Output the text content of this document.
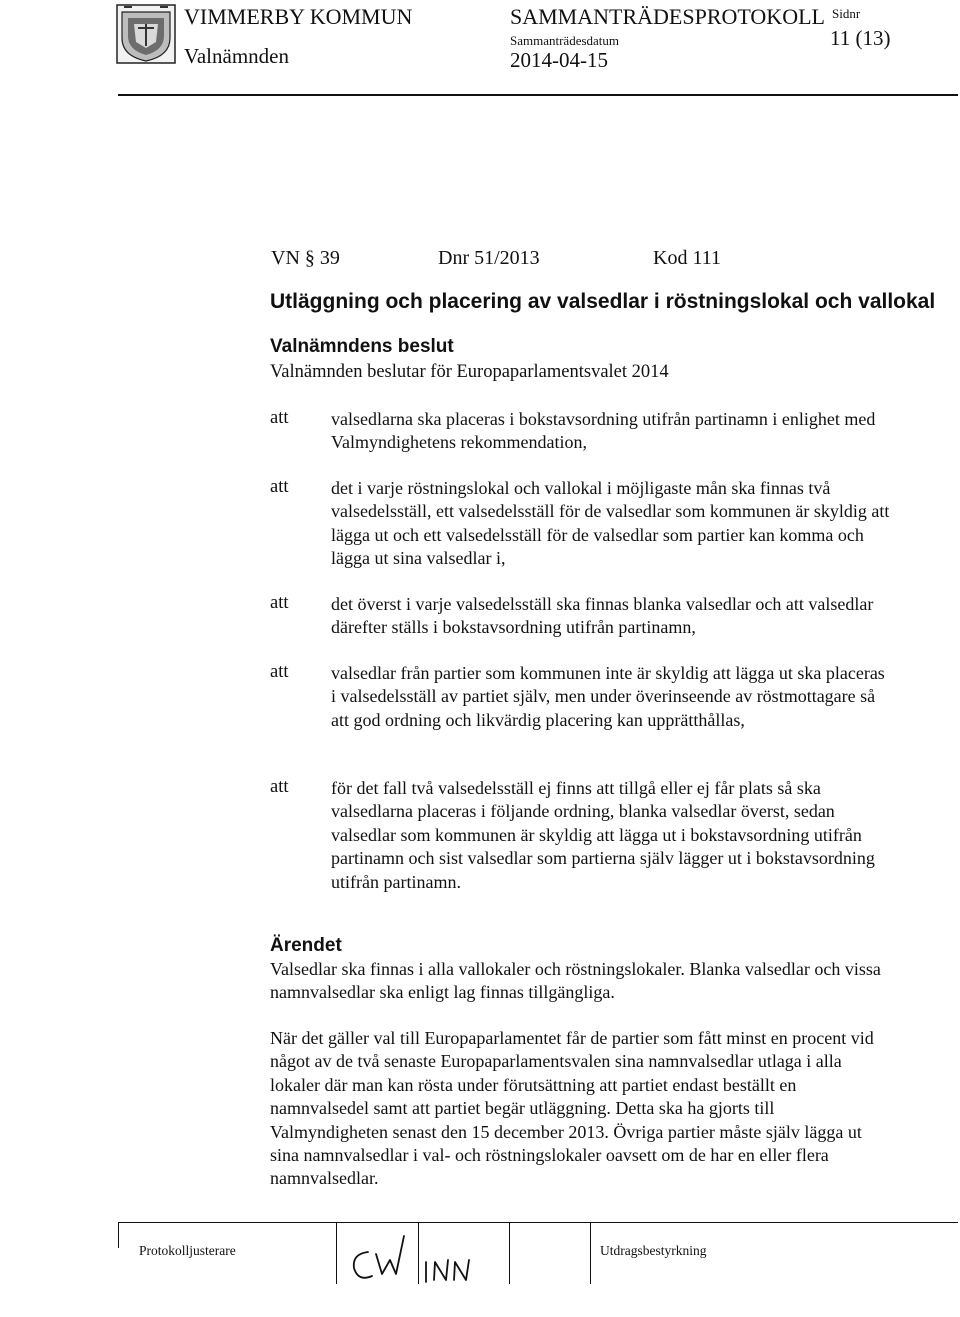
VIMMERBY KOMMUN
Valnämnden
SAMMANTRÄDESPROTOKOLL
Sammanträdesdatum
2014-04-15
Sidnr
11 (13)
VN § 39	Dnr 51/2013	Kod 111
Utläggning och placering av valsedlar i röstningslokal och vallokal
Valnämndens beslut
Valnämnden beslutar för Europaparlamentsvalet 2014
att valsedlarna ska placeras i bokstavsordning utifrån partinamn i enlighet med Valmyndighetens rekommendation,
att det i varje röstningslokal och vallokal i möjligaste mån ska finnas två valsedelsställ, ett valsedelsställ för de valsedlar som kommunen är skyldig att lägga ut och ett valsedelsställ för de valsedlar som partier kan komma och lägga ut sina valsedlar i,
att det överst i varje valsedelsställ ska finnas blanka valsedlar och att valsedlar därefter ställs i bokstavsordning utifrån partinamn,
att valsedlar från partier som kommunen inte är skyldig att lägga ut ska placeras i valsedelsställ av partiet själv, men under överinseende av röstmottagare så att god ordning och likvärdig placering kan upprätthållas,
att för det fall två valsedelsställ ej finns att tillgå eller ej får plats så ska valsedlarna placeras i följande ordning, blanka valsedlar överst, sedan valsedlar som kommunen är skyldig att lägga ut i bokstavsordning utifrån partinamn och sist valsedlar som partierna själv lägger ut i bokstavsordning utifrån partinamn.
Ärendet
Valsedlar ska finnas i alla vallokaler och röstningslokaler. Blanka valsedlar och vissa namnvalsedlar ska enligt lag finnas tillgängliga.
När det gäller val till Europaparlamentet får de partier som fått minst en procent vid något av de två senaste Europaparlamentsvalen sina namnvalsedlar utlaga i alla lokaler där man kan rösta under förutsättning att partiet endast beställt en namnvalsedel samt att partiet begär utläggning. Detta ska ha gjorts till Valmyndigheten senast den 15 december 2013. Övriga partier måste själv lägga ut sina namnvalsedlar i val- och röstningslokaler oavsett om de har en eller flera namnvalsedlar.
Protokolljusterare	Utdragsbestyrkning
